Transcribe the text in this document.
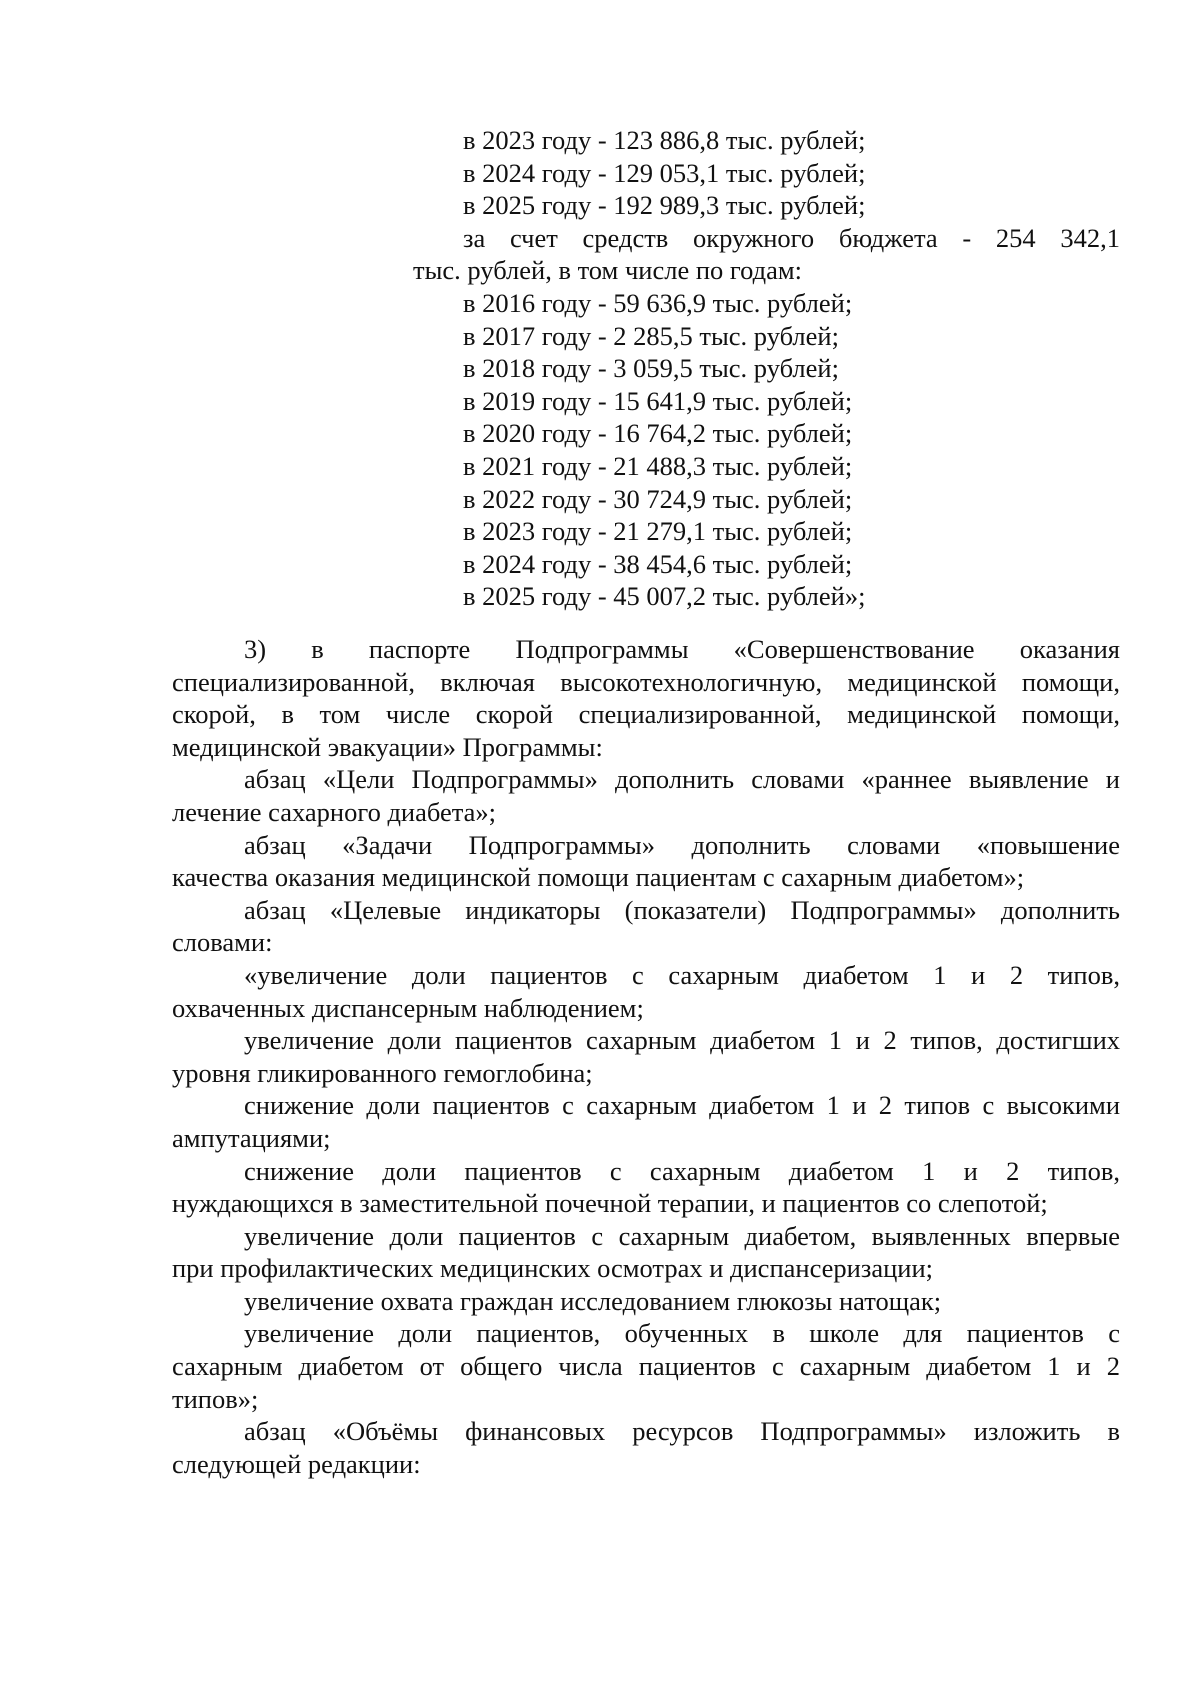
в 2023 году - 123 886,8 тыс. рублей;
в 2024 году - 129 053,1 тыс. рублей;
в 2025 году - 192 989,3 тыс. рублей;
за счет средств окружного бюджета - 254 342,1
тыс. рублей, в том числе по годам:
в 2016 году - 59 636,9 тыс. рублей;
в 2017 году - 2 285,5 тыс. рублей;
в 2018 году - 3 059,5 тыс. рублей;
в 2019 году - 15 641,9 тыс. рублей;
в 2020 году - 16 764,2 тыс. рублей;
в 2021 году - 21 488,3 тыс. рублей;
в 2022 году - 30 724,9 тыс. рублей;
в 2023 году - 21 279,1 тыс. рублей;
в 2024 году - 38 454,6 тыс. рублей;
в 2025 году - 45 007,2 тыс. рублей»;
3) в паспорте Подпрограммы «Совершенствование оказания
специализированной, включая высокотехнологичную, медицинской помощи,
скорой, в том числе скорой специализированной, медицинской помощи,
медицинской эвакуации» Программы:
абзац «Цели Подпрограммы» дополнить словами «раннее выявление и
лечение сахарного диабета»;
абзац «Задачи Подпрограммы» дополнить словами «повышение
качества оказания медицинской помощи пациентам с сахарным диабетом»;
абзац «Целевые индикаторы (показатели) Подпрограммы» дополнить
словами:
«увеличение доли пациентов с сахарным диабетом 1 и 2 типов,
охваченных диспансерным наблюдением;
увеличение доли пациентов сахарным диабетом 1 и 2 типов, достигших
уровня гликированного гемоглобина;
снижение доли пациентов с сахарным диабетом 1 и 2 типов с высокими
ампутациями;
снижение доли пациентов с сахарным диабетом 1 и 2 типов,
нуждающихся в заместительной почечной терапии, и пациентов со слепотой;
увеличение доли пациентов с сахарным диабетом, выявленных впервые
при профилактических медицинских осмотрах и диспансеризации;
увеличение охвата граждан исследованием глюкозы натощак;
увеличение доли пациентов, обученных в школе для пациентов с
сахарным диабетом от общего числа пациентов с сахарным диабетом 1 и 2
типов»;
абзац «Объёмы финансовых ресурсов Подпрограммы» изложить в
следующей редакции:
